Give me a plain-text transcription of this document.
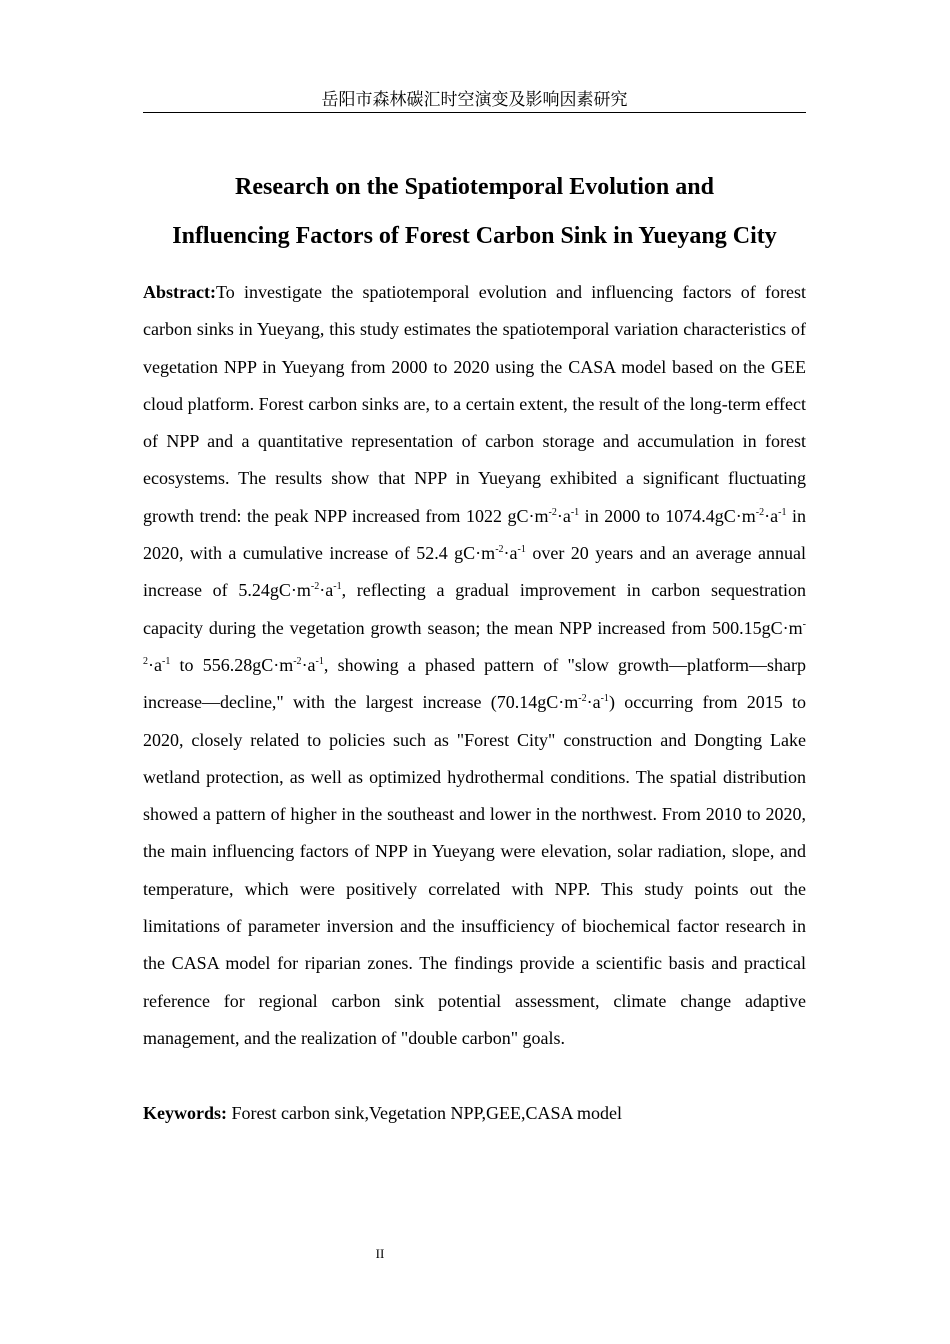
岳阳市森林碳汇时空演变及影响因素研究
Research on the Spatiotemporal Evolution and
Influencing Factors of Forest Carbon Sink in Yueyang City

Abstract:To investigate the spatiotemporal evolution and influencing factors of forest carbon sinks in Yueyang, this study estimates the spatiotemporal variation characteristics of vegetation NPP in Yueyang from 2000 to 2020 using the CASA model based on the GEE cloud platform. Forest carbon sinks are, to a certain extent, the result of the long-term effect of NPP and a quantitative representation of carbon storage and accumulation in forest ecosystems. The results show that NPP in Yueyang exhibited a significant fluctuating growth trend: the peak NPP increased from 1022 $gC\cdot m^{-2}\cdot a^{-1}$ in 2000 to $1074.4gC\cdot m^{-2}\cdot a^{-1}$ in 2020, with a cumulative increase of 52.4 $gC\cdot m^{-2}\cdot a^{-1}$ over 20 years and an average annual increase of $5.24gC\cdot m^{-2}\cdot a^{-1}$, reflecting a gradual improvement in carbon sequestration capacity during the vegetation growth season; the mean NPP increased from $500.15gC\cdot m^{-2}\cdot a^{-1}$ to $556.28gC\cdot m^{-2}\cdot a^{-1}$, showing a phased pattern of "slow growth—platform—sharp increase—decline," with the largest increase $(70.14gC\cdot m^{-2}\cdot a^{-1})$ occurring from 2015 to 2020, closely related to policies such as "Forest City" construction and Dongting Lake wetland protection, as well as optimized hydrothermal conditions. The spatial distribution showed a pattern of higher in the southeast and lower in the northwest. From 2010 to 2020, the main influencing factors of NPP in Yueyang were elevation, solar radiation, slope, and temperature, which were positively correlated with NPP. This study points out the limitations of parameter inversion and the insufficiency of biochemical factor research in the CASA model for riparian zones. The findings provide a scientific basis and practical reference for regional carbon sink potential assessment, climate change adaptive management, and the realization of "double carbon" goals.

Keywords: Forest carbon sink,Vegetation NPP,GEE,CASA model
II
